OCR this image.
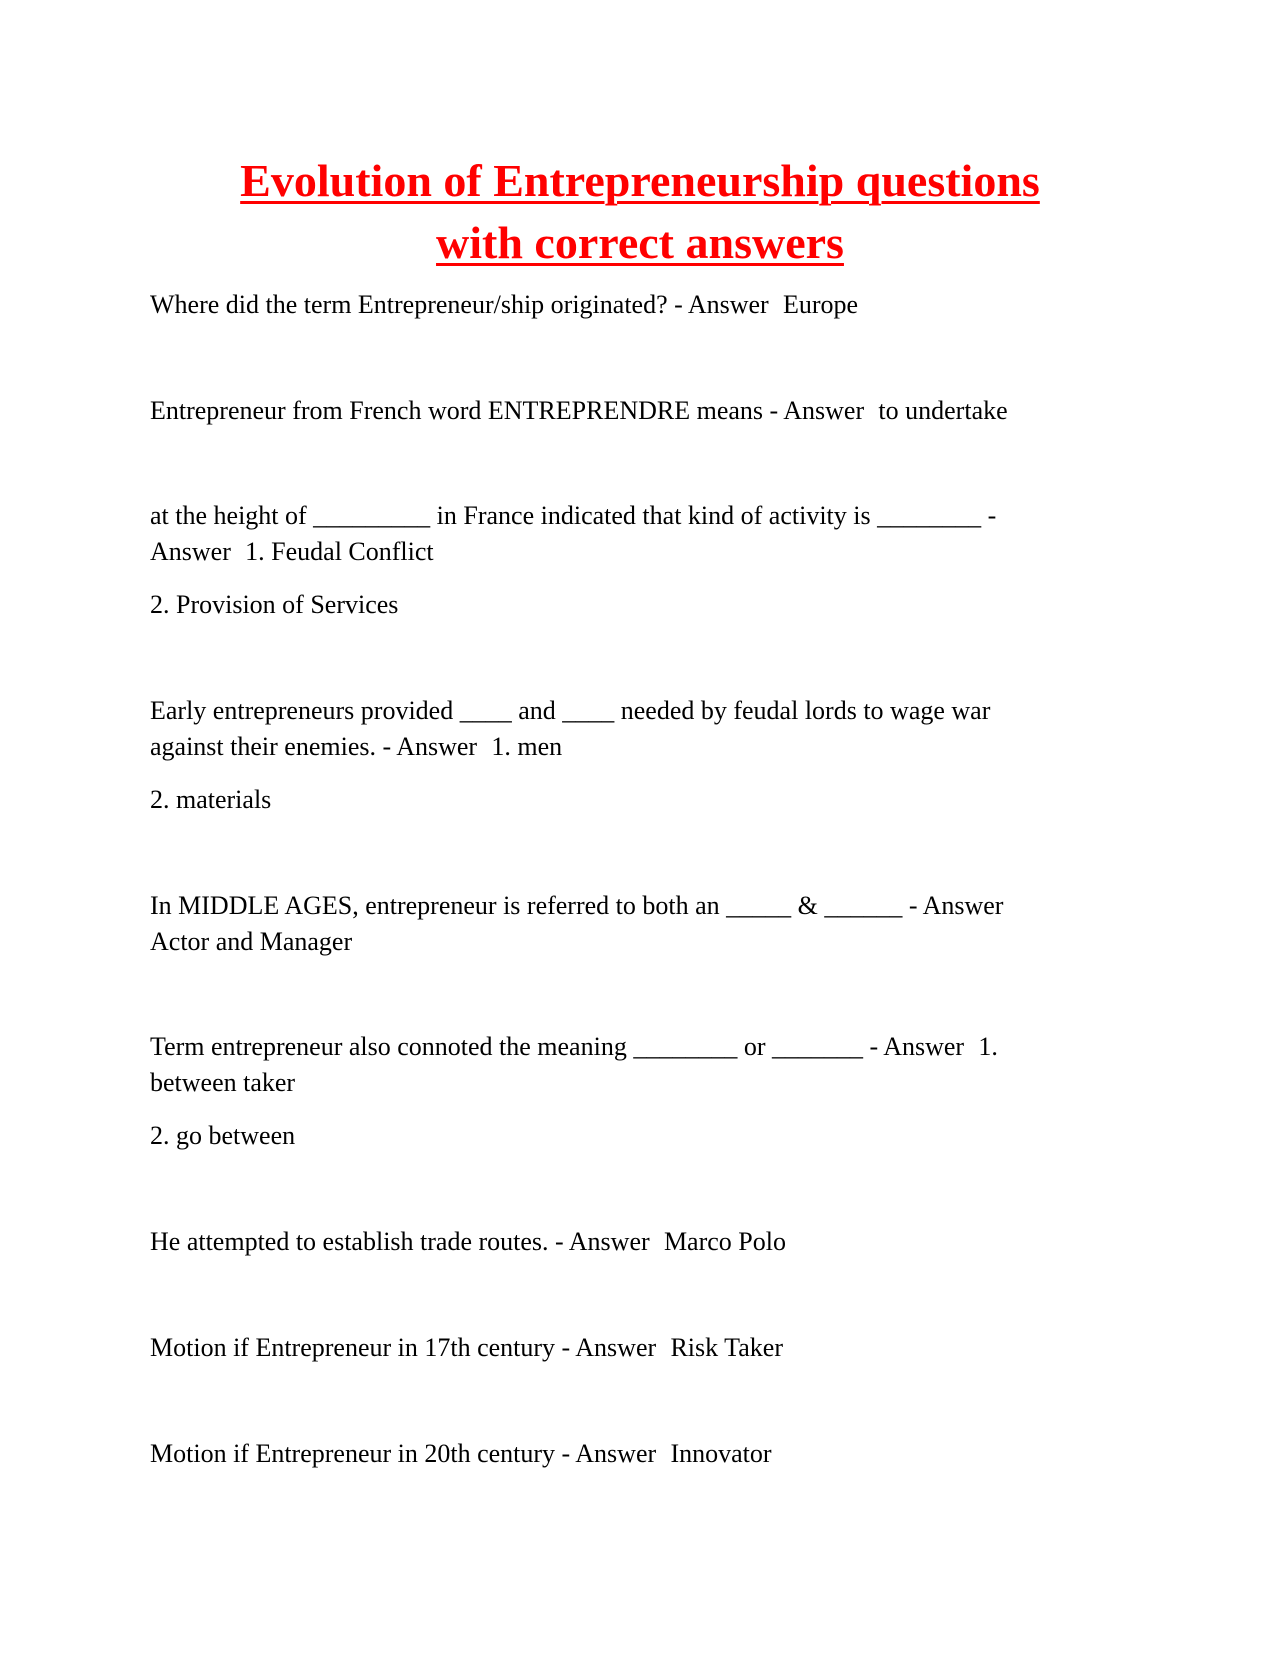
Evolution of Entrepreneurship questions
with correct answers

Where did the term Entrepreneur/ship originated? - Answer Europe

Entrepreneur from French word ENTREPRENDRE means - Answer to undertake

at the height of _________ in France indicated that kind of activity is ________ -

Answer 1. Feudal Conflict

2. Provision of Services

Early entrepreneurs provided ____ and ____ needed by feudal lords to wage war

against their enemies. - Answer 1. men

2. materials

In MIDDLE AGES, entrepreneur is referred to both an _____ & ______ - Answer

Actor and Manager

Term entrepreneur also connoted the meaning ________ or _______ - Answer 1.

between taker

2. go between

He attempted to establish trade routes. - Answer Marco Polo

Motion if Entrepreneur in 17th century - Answer Risk Taker

Motion if Entrepreneur in 20th century - Answer Innovator
